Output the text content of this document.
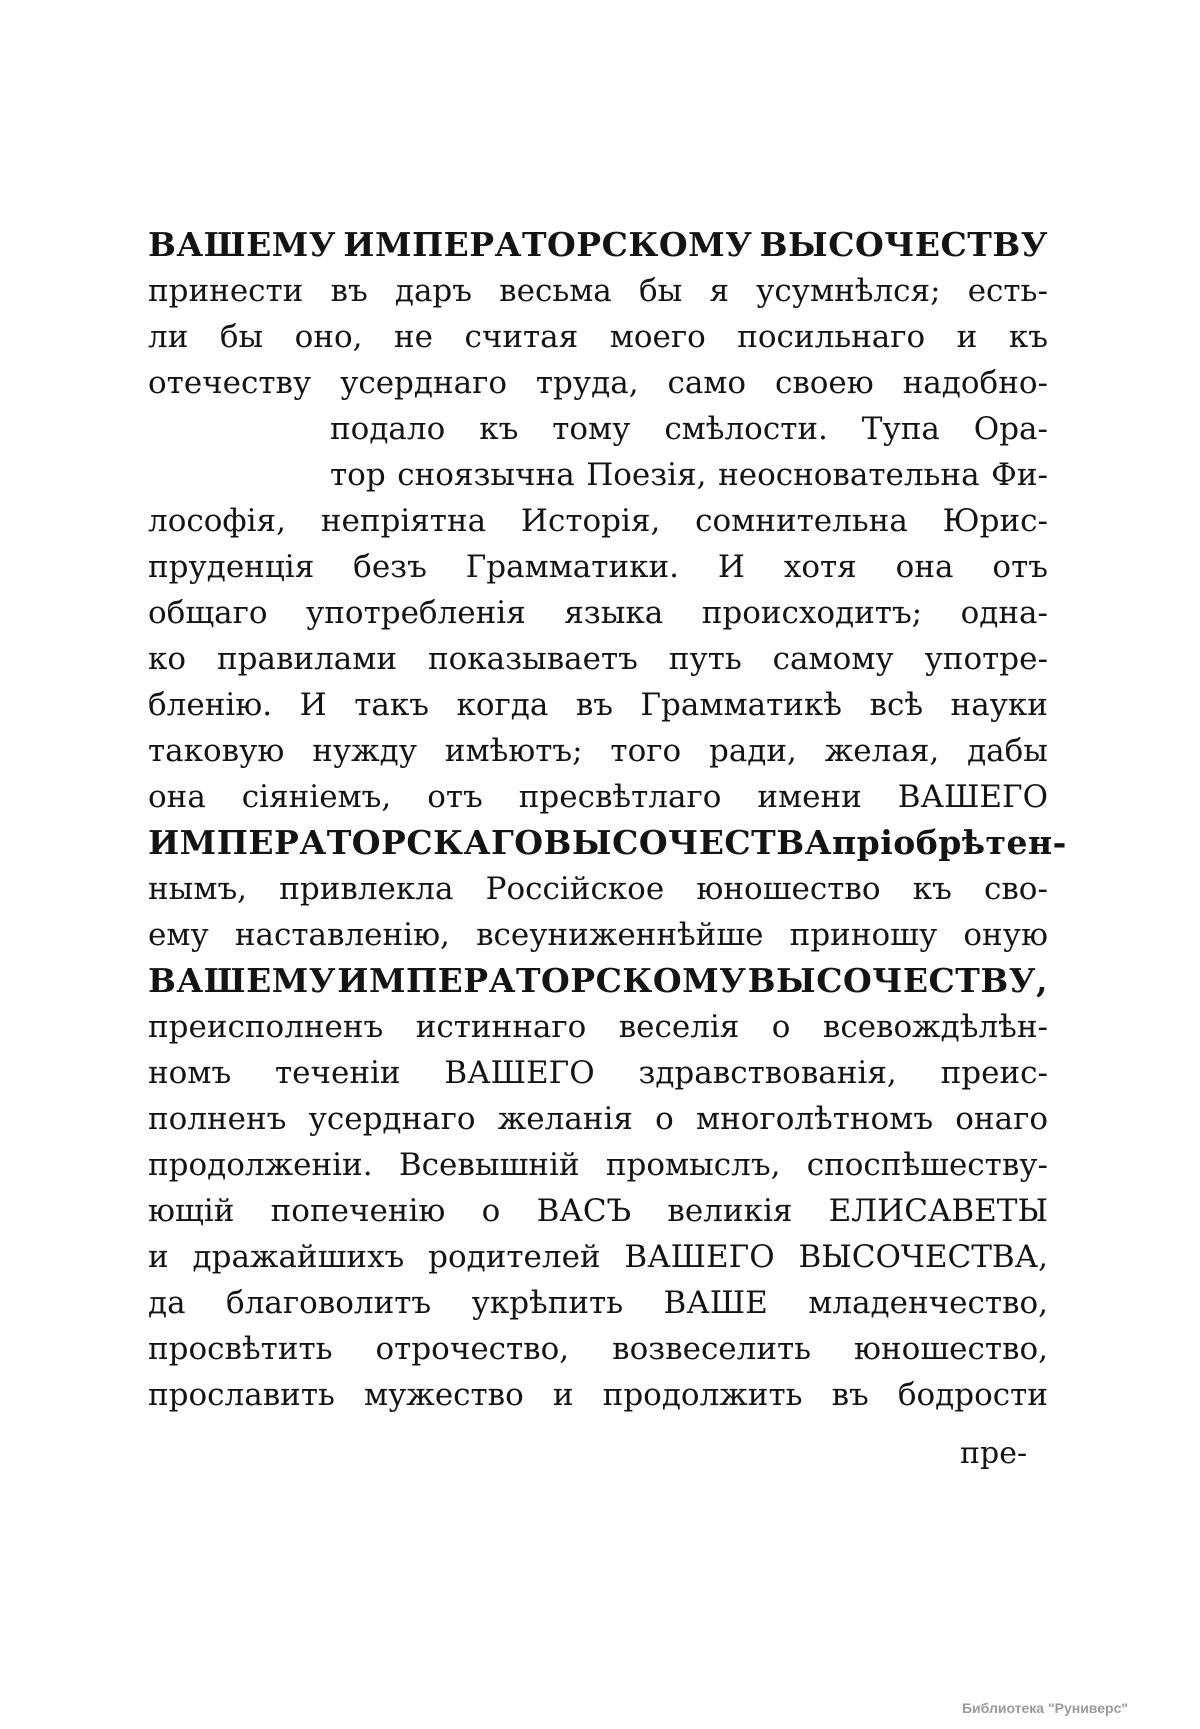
ВАШЕМУ ИМПЕРАТОРСКОМУ ВЫСОЧЕСТВУ
принести въ даръ весьма бы я усумнѣлся; есть-
ли бы оно, не считая моего посильнаго и къ
отечеству усерднаго труда, само своею надобно-
подало къ тому смѣлости. Тупа Ора-
тор сноязычна Поезія, неосновательна Фи-
лософія, непріятна Исторія, сомнительна Юрис-
пруденція безъ Грамматики. И хотя она отъ
общаго употребленія языка происходитъ; одна-
ко правилами показываетъ путь самому употре-
бленію. И такъ когда въ Грамматикѣ всѣ науки
таковую нужду имѣютъ; того ради, желая, дабы
она сіяніемъ, отъ пресвѣтлаго имени ВАШЕГО
ИМПЕРАТОРСКАГО ВЫСОЧЕСТВА пріобрѣтен-
нымъ, привлекла Россійское юношество къ сво-
ему наставленію, всеуниженнѣйше приношу оную
ВАШЕМУ ИМПЕРАТОРСКОМУ ВЫСОЧЕСТВУ,
преисполненъ истиннаго веселія о всевождѣлѣн-
номъ теченіи ВАШЕГО здравствованія, преис-
полненъ усерднаго желанія о многолѣтномъ онаго
продолженіи. Всевышній промыслъ, споспѣшеству-
ющій попеченію о ВАСЪ великія ЕЛИСАВЕТЫ
и дражайшихъ родителей ВАШЕГО ВЫСОЧЕСТВА,
да благоволитъ укрѣпить ВАШЕ младенчество,
просвѣтить отрочество, возвеселить юношество,
прославить мужество и продолжить въ бодрости
пре-
Библиотека "Руниверс"
